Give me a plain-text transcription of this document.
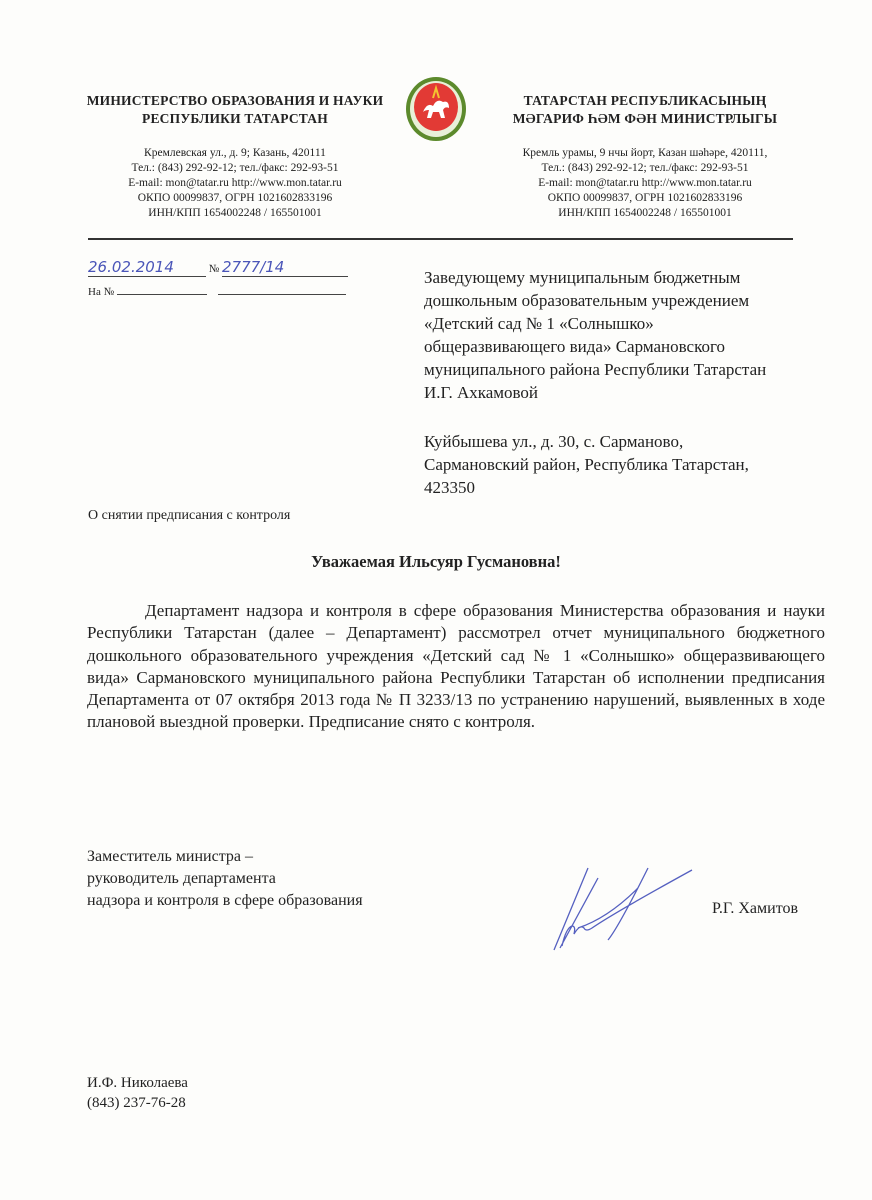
МИНИСТЕРСТВО ОБРАЗОВАНИЯ И НАУКИ
РЕСПУБЛИКИ ТАТАРСТАН
Кремлевская ул., д. 9; Казань, 420111
Тел.: (843) 292-92-12; тел./факс: 292-93-51
E-mail: mon@tatar.ru http://www.mon.tatar.ru
ОКПО 00099837, ОГРН 1021602833196
ИНН/КПП 1654002248 / 165501001
ТАТАРСТАН РЕСПУБЛИКАСЫНЫҢ
МӘГАРИФ ҺӘМ ФӘН МИНИСТРЛЫГЫ
Кремль урамы, 9 нчы йорт, Казан шәһәре, 420111,
Тел.: (843) 292-92-12; тел./факс: 292-93-51
E-mail: mon@tatar.ru http://www.mon.tatar.ru
ОКПО 00099837, ОГРН 1021602833196
ИНН/КПП 1654002248 / 165501001
26.02.2014	№ 2777/14
На №
Заведующему муниципальным бюджетным
дошкольным образовательным учреждением
«Детский сад № 1 «Солнышко»
общеразвивающего вида» Сармановского
муниципального района Республики Татарстан
И.Г. Ахкамовой
Куйбышева ул., д. 30, с. Сарманово,
Сармановский район, Республика Татарстан,
423350
О снятии предписания с контроля
Уважаемая Ильсуяр Гусмановна!
Департамент надзора и контроля в сфере образования Министерства образования и науки Республики Татарстан (далее – Департамент) рассмотрел отчет муниципального бюджетного дошкольного образовательного учреждения «Детский сад № 1 «Солнышко» общеразвивающего вида» Сармановского муниципального района Республики Татарстан об исполнении предписания Департамента от 07 октября 2013 года № П 3233/13 по устранению нарушений, выявленных в ходе плановой выездной проверки. Предписание снято с контроля.
Заместитель министра –
руководитель департамента
надзора и контроля в сфере образования	Р.Г. Хамитов
И.Ф. Николаева
(843) 237-76-28
